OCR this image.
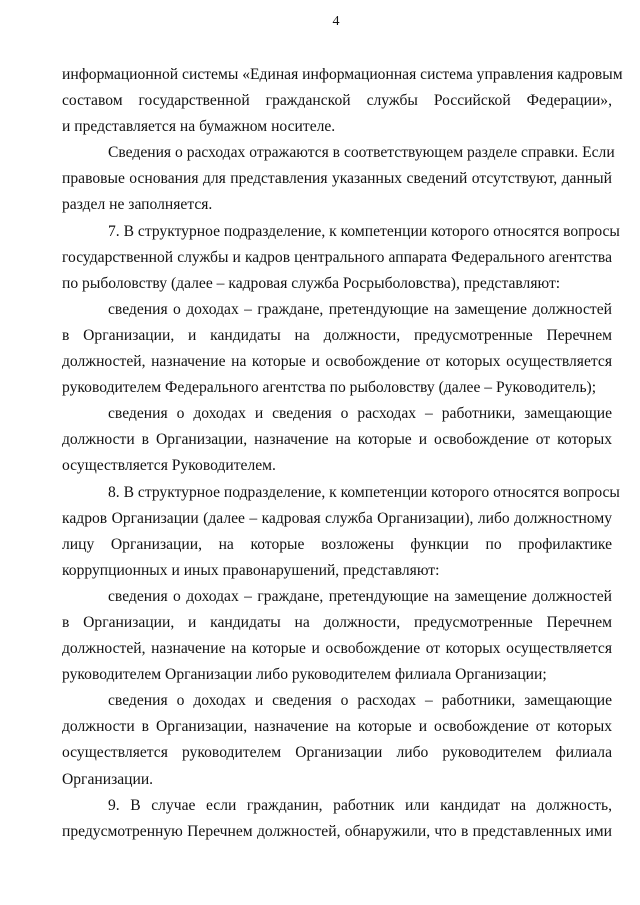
4
информационной системы «Единая информационная система управления кадровым
составом государственной гражданской службы Российской Федерации»,
и представляется на бумажном носителе.
Сведения о расходах отражаются в соответствующем разделе справки. Если
правовые основания для представления указанных сведений отсутствуют, данный
раздел не заполняется.
7. В структурное подразделение, к компетенции которого относятся вопросы
государственной службы и кадров центрального аппарата Федерального агентства
по рыболовству (далее – кадровая служба Росрыболовства), представляют:
сведения о доходах – граждане, претендующие на замещение должностей
в Организации, и кандидаты на должности, предусмотренные Перечнем
должностей, назначение на которые и освобождение от которых осуществляется
руководителем Федерального агентства по рыболовству (далее – Руководитель);
сведения о доходах и сведения о расходах – работники, замещающие
должности в Организации, назначение на которые и освобождение от которых
осуществляется Руководителем.
8. В структурное подразделение, к компетенции которого относятся вопросы
кадров Организации (далее – кадровая служба Организации), либо должностному
лицу Организации, на которые возложены функции по профилактике
коррупционных и иных правонарушений, представляют:
сведения о доходах – граждане, претендующие на замещение должностей
в Организации, и кандидаты на должности, предусмотренные Перечнем
должностей, назначение на которые и освобождение от которых осуществляется
руководителем Организации либо руководителем филиала Организации;
сведения о доходах и сведения о расходах – работники, замещающие
должности в Организации, назначение на которые и освобождение от которых
осуществляется руководителем Организации либо руководителем филиала
Организации.
9. В случае если гражданин, работник или кандидат на должность,
предусмотренную Перечнем должностей, обнаружили, что в представленных ими
